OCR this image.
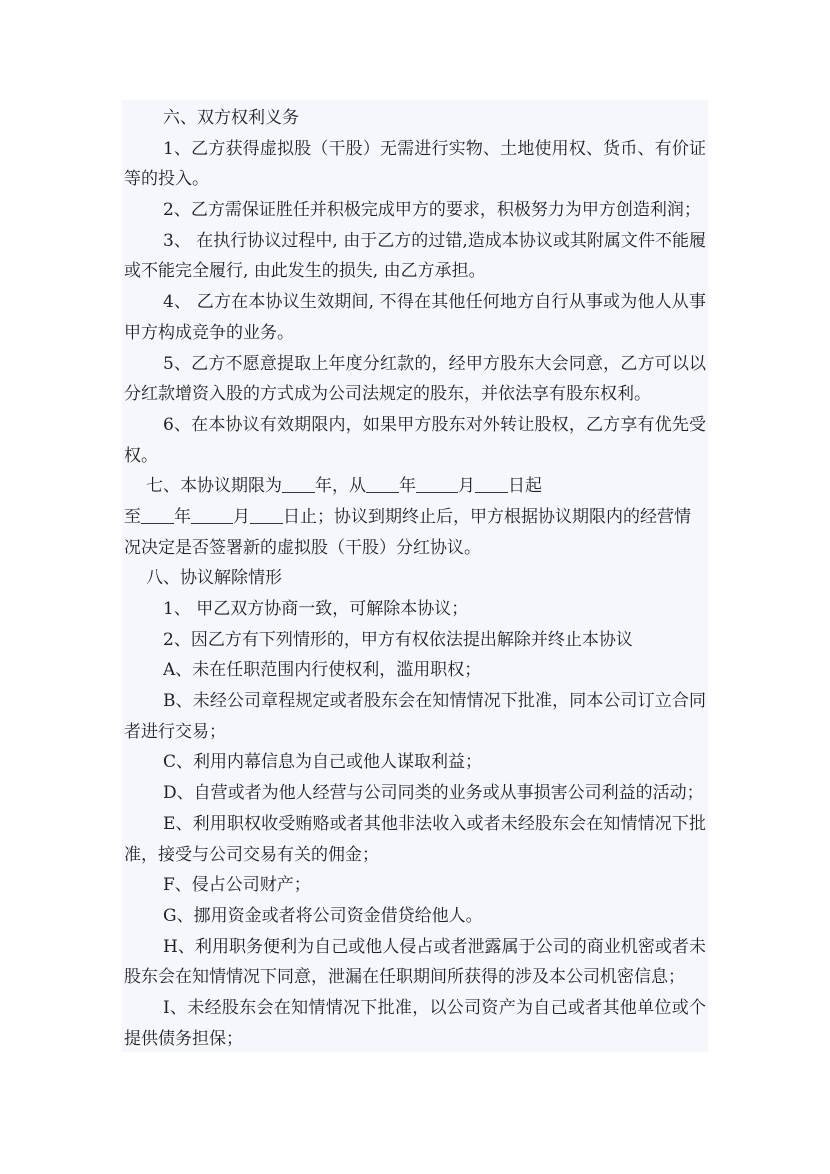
六、双方权利义务
1、乙方获得虚拟股（干股）无需进行实物、土地使用权、货币、有价证
等的投入。
2、乙方需保证胜任并积极完成甲方的要求，积极努力为甲方创造利润；
3、 在执行协议过程中, 由于乙方的过错,造成本协议或其附属文件不能履
或不能完全履行, 由此发生的损失, 由乙方承担。
4、 乙方在本协议生效期间, 不得在其他任何地方自行从事或为他人从事
甲方构成竞争的业务。
5、乙方不愿意提取上年度分红款的，经甲方股东大会同意，乙方可以以
分红款增资入股的方式成为公司法规定的股东，并依法享有股东权利。
6、在本协议有效期限内，如果甲方股东对外转让股权，乙方享有优先受
权。
七、本协议期限为 年，从 年 月 日起
至 年 月 日止；协议到期终止后，甲方根据协议期限内的经营情
况决定是否签署新的虚拟股（干股）分红协议。
八、协议解除情形
1、 甲乙双方协商一致，可解除本协议；
2、因乙方有下列情形的，甲方有权依法提出解除并终止本协议
A、未在任职范围内行使权利，滥用职权；
B、未经公司章程规定或者股东会在知情情况下批准，同本公司订立合同
者进行交易；
C、利用内幕信息为自己或他人谋取利益；
D、自营或者为他人经营与公司同类的业务或从事损害公司利益的活动；
E、利用职权收受贿赂或者其他非法收入或者未经股东会在知情情况下批
准，接受与公司交易有关的佣金；
F、侵占公司财产；
G、挪用资金或者将公司资金借贷给他人。
H、利用职务便利为自己或他人侵占或者泄露属于公司的商业机密或者未
股东会在知情情况下同意，泄漏在任职期间所获得的涉及本公司机密信息；
I、未经股东会在知情情况下批准，以公司资产为自己或者其他单位或个
提供债务担保；
